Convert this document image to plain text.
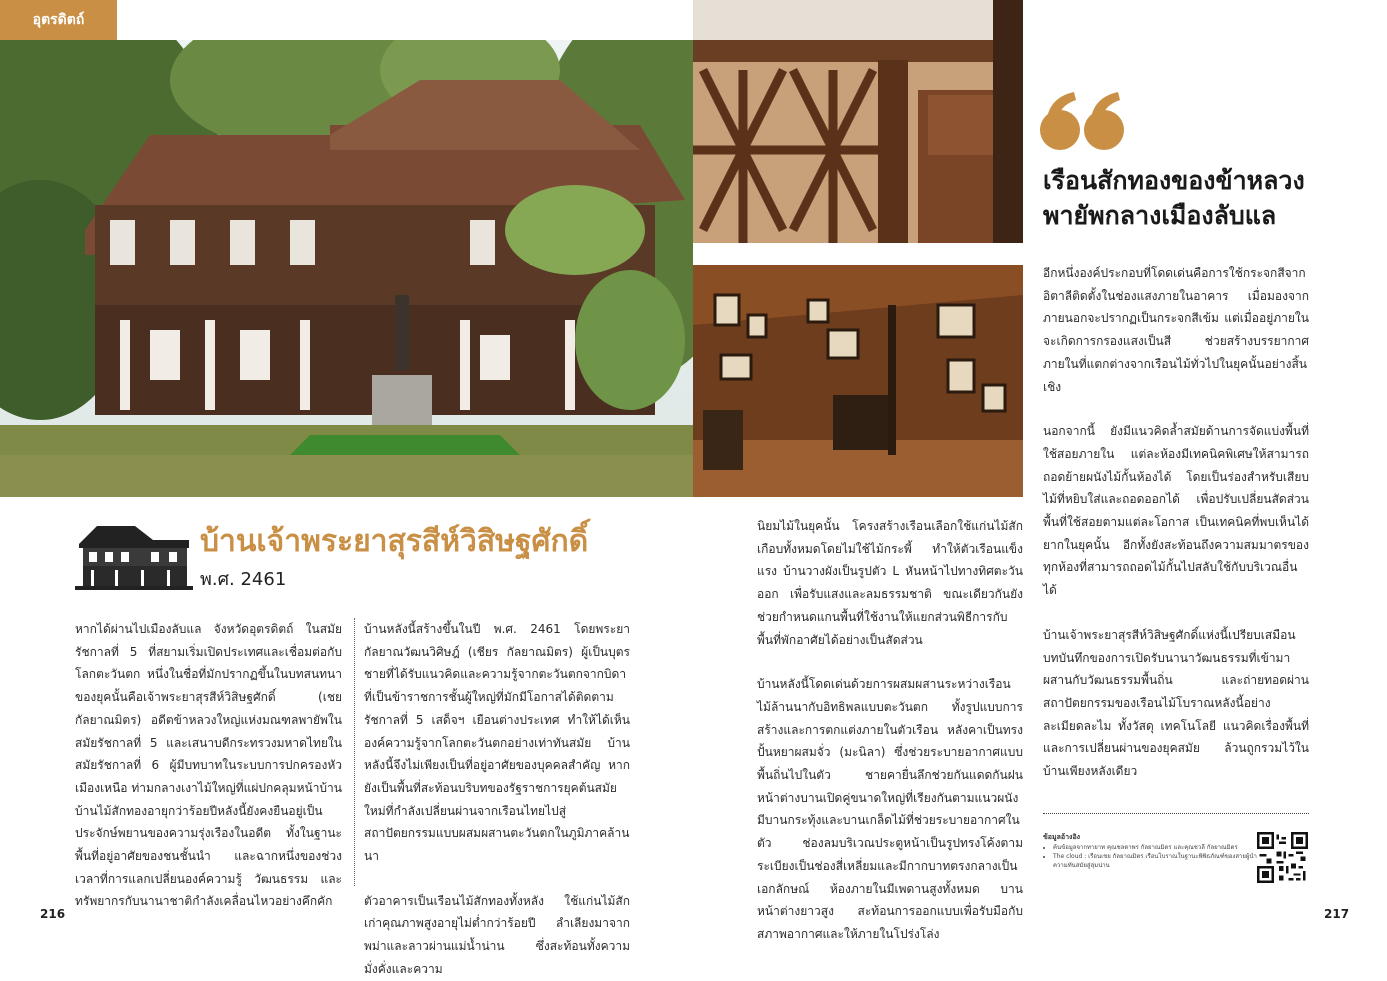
อุตรดิตถ์
บ้านเจ้าพระยาสุรสีห์วิสิษฐศักดิ์
พ.ศ. 2461

หากได้ผ่านไปเมืองลับแล จังหวัดอุตรดิตถ์ ในสมัยรัชกาลที่ 5 ที่สยามเริ่มเปิดประเทศและเชื่อมต่อกับโลกตะวันตก หนึ่งในชื่อที่มักปรากฏขึ้นในบทสนทนาของยุคนั้นคือเจ้าพระยาสุรสีห์วิสิษฐศักดิ์ (เชย กัลยาณมิตร) อดีตข้าหลวงใหญ่แห่งมณฑลพายัพในสมัยรัชกาลที่ 5 และเสนาบดีกระทรวงมหาดไทยในสมัยรัชกาลที่ 6 ผู้มีบทบาทในระบบการปกครองหัวเมืองเหนือ ท่ามกลางเงาไม้ใหญ่ที่แผ่ปกคลุมหน้าบ้านบ้านไม้สักทองอายุกว่าร้อยปีหลังนี้ยังคงยืนอยู่เป็นประจักษ์พยานของความรุ่งเรืองในอดีต ทั้งในฐานะพื้นที่อยู่อาศัยของชนชั้นนำ และฉากหนึ่งของช่วงเวลาที่การแลกเปลี่ยนองค์ความรู้ วัฒนธรรม และทรัพยากรกับนานาชาติกำลังเคลื่อนไหวอย่างคึกคัก

บ้านหลังนี้สร้างขึ้นในปี พ.ศ. 2461 โดยพระยากัลยาณวัฒนวิศิษฎ์ (เชียร กัลยาณมิตร) ผู้เป็นบุตรชายที่ได้รับแนวคิดและความรู้จากตะวันตกจากบิดาที่เป็นข้าราชการชั้นผู้ใหญ่ที่มักมีโอกาสได้ติดตามรัชกาลที่ 5 เสด็จฯ เยือนต่างประเทศ ทำให้ได้เห็นองค์ความรู้จากโลกตะวันตกอย่างเท่าทันสมัย บ้านหลังนี้จึงไม่เพียงเป็นที่อยู่อาศัยของบุคคลสำคัญ หากยังเป็นพื้นที่สะท้อนบริบทของรัฐราชการยุคต้นสมัยใหม่ที่กำลังเปลี่ยนผ่านจากเรือนไทยไปสู่สถาปัตยกรรมแบบผสมผสานตะวันตกในภูมิภาคล้านนา

ตัวอาคารเป็นเรือนไม้สักทองทั้งหลัง ใช้แก่นไม้สักเก่าคุณภาพสูงอายุไม่ต่ำกว่าร้อยปี ลำเลียงมาจากพม่าและลาวผ่านแม่น้ำน่าน ซึ่งสะท้อนทั้งความมั่งคั่งและความ

นิยมไม้ในยุคนั้น โครงสร้างเรือนเลือกใช้แก่นไม้สักเกือบทั้งหมดโดยไม่ใช้ไม้กระพี้ ทำให้ตัวเรือนแข็งแรง บ้านวางผังเป็นรูปตัว L หันหน้าไปทางทิศตะวันออก เพื่อรับแสงและลมธรรมชาติ ขณะเดียวกันยังช่วยกำหนดแกนพื้นที่ใช้งานให้แยกส่วนพิธีการกับพื้นที่พักอาศัยได้อย่างเป็นสัดส่วน

บ้านหลังนี้โดดเด่นด้วยการผสมผสานระหว่างเรือนไม้ล้านนากับอิทธิพลแบบตะวันตก ทั้งรูปแบบการสร้างและการตกแต่งภายในตัวเรือน หลังคาเป็นทรงปั้นหยาผสมจั่ว (มะนิลา) ซึ่งช่วยระบายอากาศแบบพื้นถิ่นไปในตัว ชายคายื่นลึกช่วยกันแดดกันฝน หน้าต่างบานเปิดคู่ขนาดใหญ่ที่เรียงกันตามแนวผนัง มีบานกระทุ้งและบานเกล็ดไม้ที่ช่วยระบายอากาศในตัว ช่องลมบริเวณประตูหน้าเป็นรูปทรงโค้งตามระเบียงเป็นช่องสี่เหลี่ยมและมีกากบาทตรงกลางเป็นเอกลักษณ์ ห้องภายในมีเพดานสูงทั้งหมด บานหน้าต่างยาวสูง สะท้อนการออกแบบเพื่อรับมือกับสภาพอากาศและให้ภายในโปร่งโล่ง

เรือนสักทองของข้าหลวง
พายัพกลางเมืองลับแล

อีกหนึ่งองค์ประกอบที่โดดเด่นคือการใช้กระจกสีจากอิตาลีติดตั้งในช่องแสงภายในอาคาร เมื่อมองจากภายนอกจะปรากฏเป็นกระจกสีเข้ม แต่เมื่ออยู่ภายในจะเกิดการกรองแสงเป็นสี ช่วยสร้างบรรยากาศภายในที่แตกต่างจากเรือนไม้ทั่วไปในยุคนั้นอย่างสิ้นเชิง

นอกจากนี้ ยังมีแนวคิดล้ำสมัยด้านการจัดแบ่งพื้นที่ใช้สอยภายใน แต่ละห้องมีเทคนิคพิเศษให้สามารถถอดย้ายผนังไม้กั้นห้องได้ โดยเป็นร่องสำหรับเสียบไม้ที่หยิบใส่และถอดออกได้ เพื่อปรับเปลี่ยนสัดส่วนพื้นที่ใช้สอยตามแต่ละโอกาส เป็นเทคนิคที่พบเห็นได้ยากในยุคนั้น อีกทั้งยังสะท้อนถึงความสมมาตรของทุกห้องที่สามารถถอดไม้กั้นไปสลับใช้กับบริเวณอื่นได้

บ้านเจ้าพระยาสุรสีห์วิสิษฐศักดิ์แห่งนี้เปรียบเสมือนบทบันทึกของการเปิดรับนานาวัฒนธรรมที่เข้ามาผสานกับวัฒนธรรมพื้นถิ่น และถ่ายทอดผ่านสถาปัตยกรรมของเรือนไม้โบราณหลังนี้อย่างละเมียดละไม ทั้งวัสดุ เทคโนโลยี แนวคิดเรื่องพื้นที่ และการเปลี่ยนผ่านของยุคสมัย ล้วนถูกรวมไว้ในบ้านเพียงหลังเดียว

ข้อมูลอ้างอิง
• ค้นข้อมูลจากทายาท คุณชลดาพร กัลยาณมิตร และคุณชวลี กัลยาณมิตร
• The cloud : เรือนเชย กัลยาณมิตร เรือนโบราณในฐานะพิพิธภัณฑ์ของสายผู้นำความทันสมัยสู่ลุ่มน่าน
216	217
